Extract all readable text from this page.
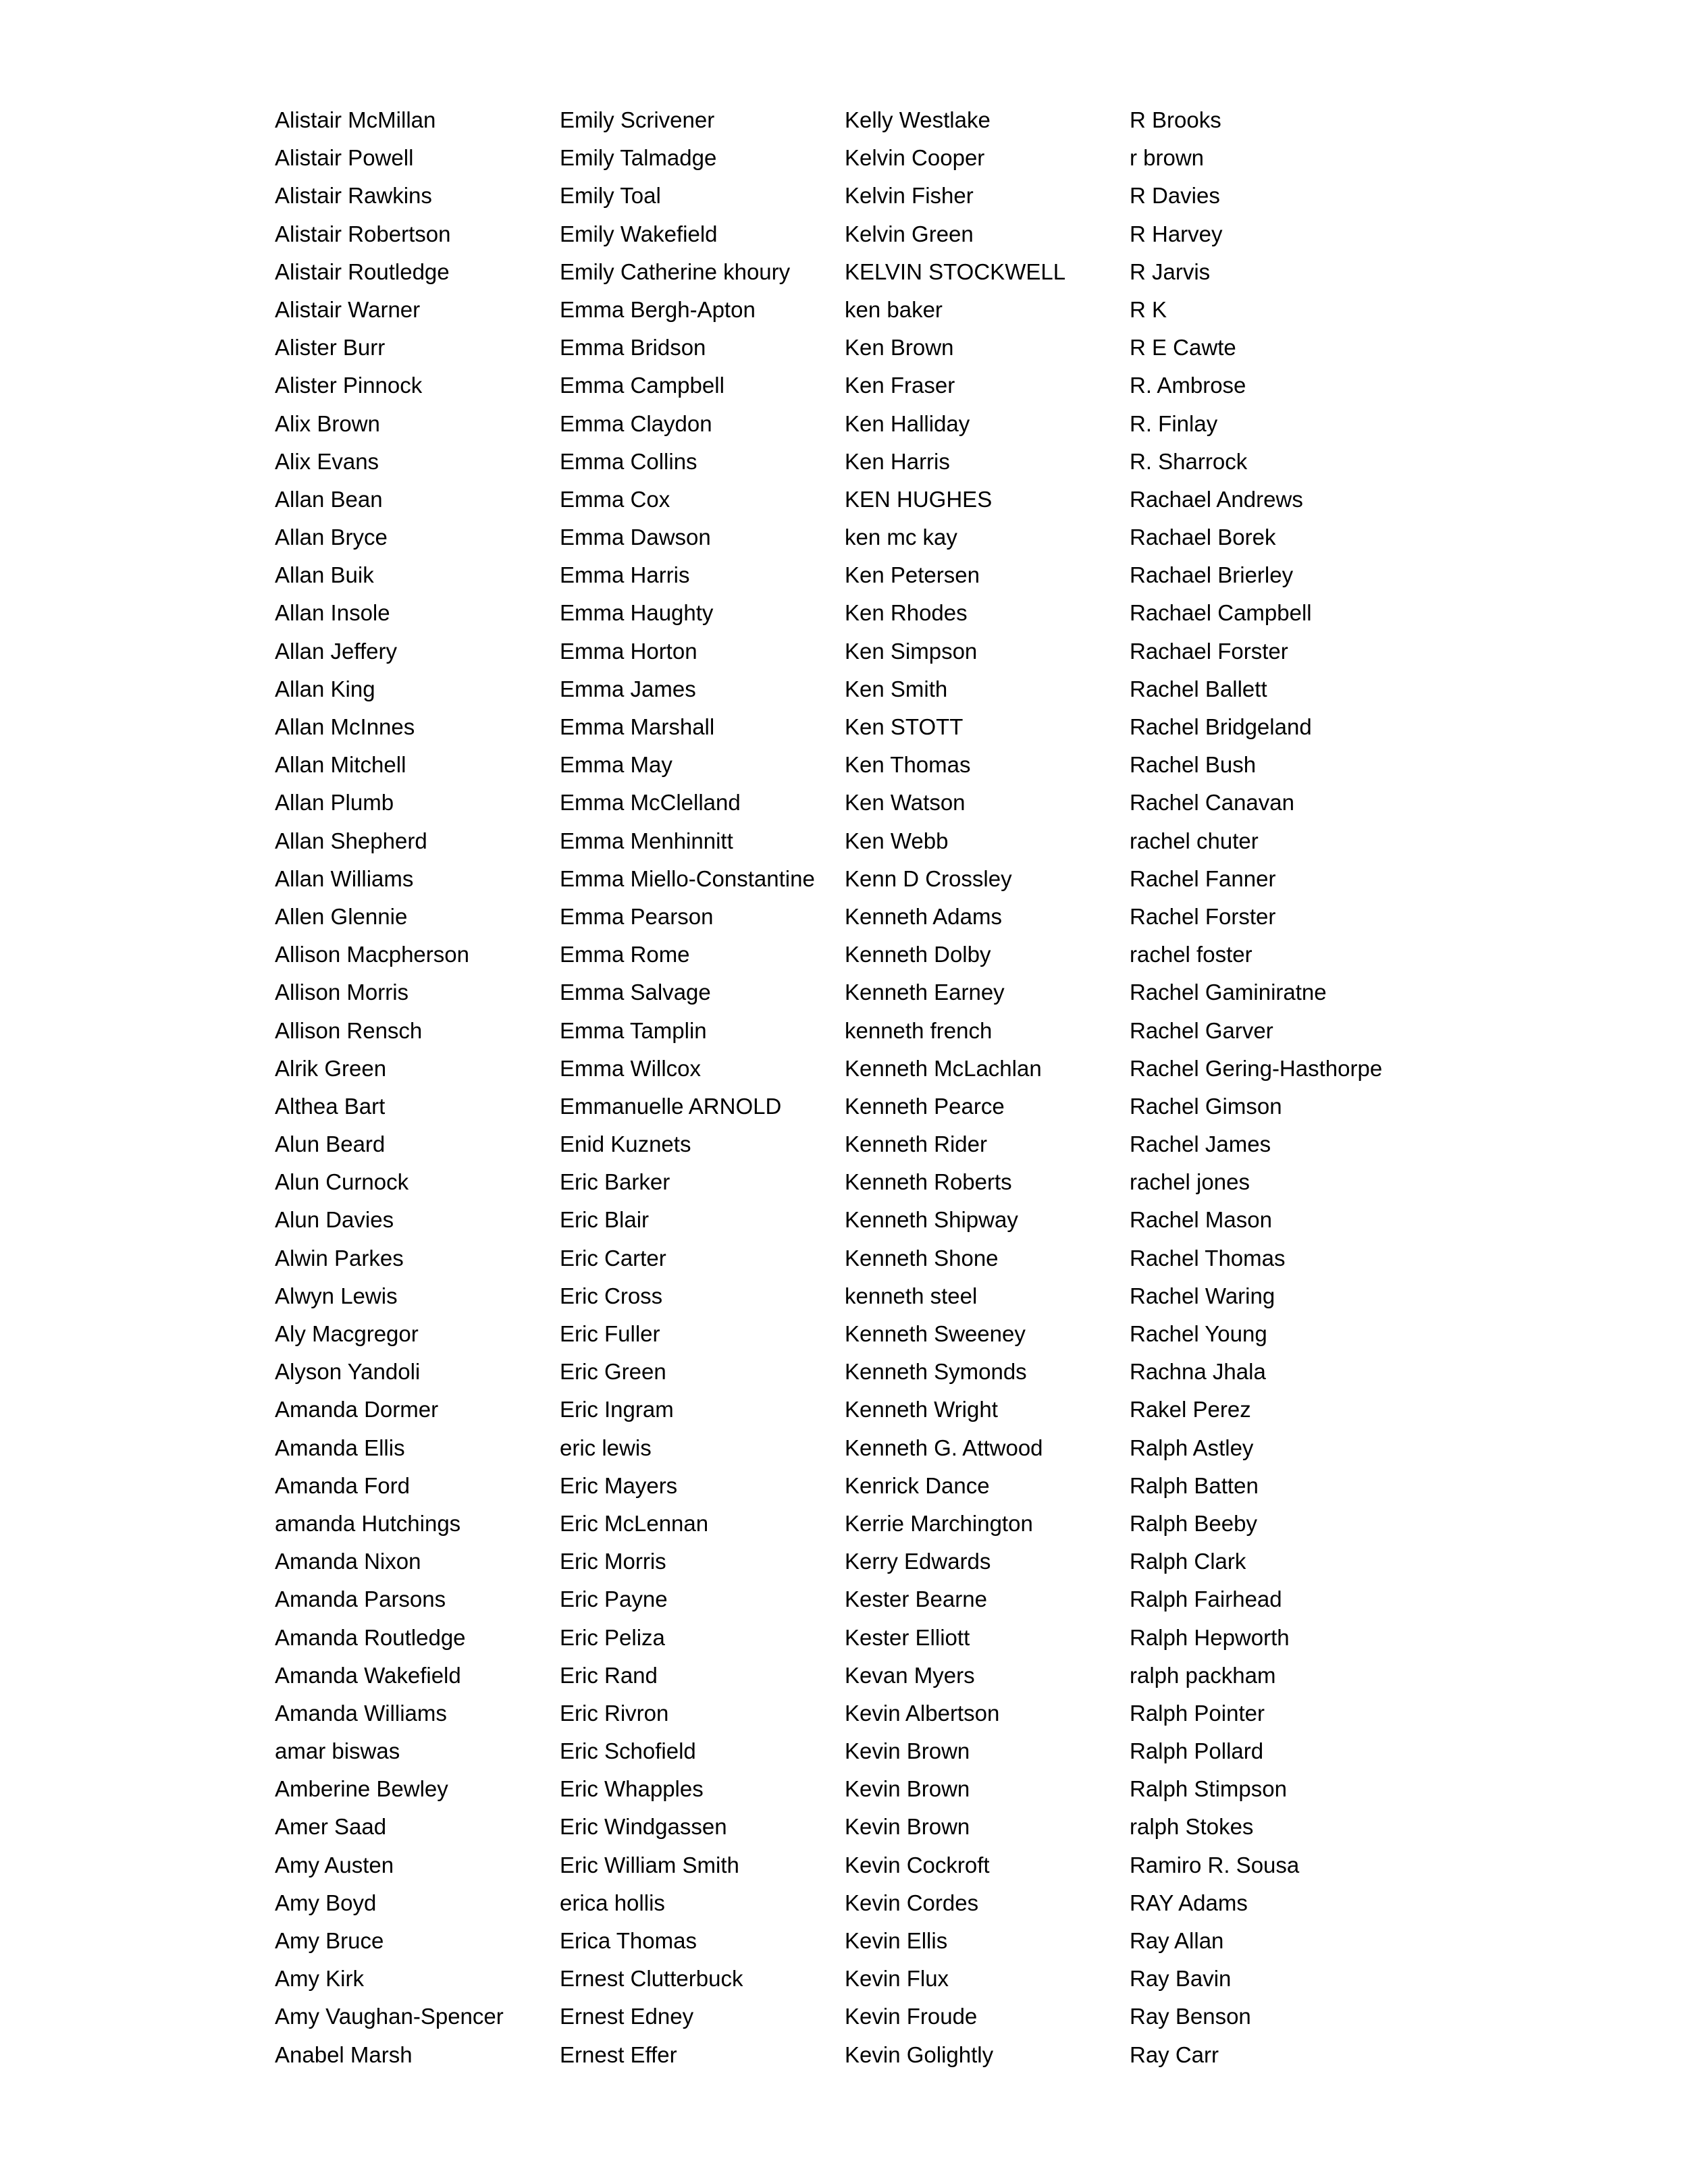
Alistair McMillan
Alistair Powell
Alistair Rawkins
Alistair Robertson
Alistair Routledge
Alistair Warner
Alister Burr
Alister Pinnock
Alix Brown
Alix Evans
Allan Bean
Allan Bryce
Allan Buik
Allan Insole
Allan Jeffery
Allan King
Allan McInnes
Allan Mitchell
Allan Plumb
Allan Shepherd
Allan Williams
Allen Glennie
Allison Macpherson
Allison Morris
Allison Rensch
Alrik Green
Althea Bart
Alun Beard
Alun Curnock
Alun Davies
Alwin Parkes
Alwyn Lewis
Aly Macgregor
Alyson Yandoli
Amanda Dormer
Amanda Ellis
Amanda Ford
amanda Hutchings
Amanda Nixon
Amanda Parsons
Amanda Routledge
Amanda Wakefield
Amanda Williams
amar biswas
Amberine Bewley
Amer Saad
Amy Austen
Amy Boyd
Amy Bruce
Amy Kirk
Amy Vaughan-Spencer
Anabel Marsh
Emily Scrivener
Emily Talmadge
Emily Toal
Emily Wakefield
Emily Catherine khoury
Emma Bergh-Apton
Emma Bridson
Emma Campbell
Emma Claydon
Emma Collins
Emma Cox
Emma Dawson
Emma Harris
Emma Haughty
Emma Horton
Emma James
Emma Marshall
Emma May
Emma McClelland
Emma Menhinnitt
Emma Miello-Constantine
Emma Pearson
Emma Rome
Emma Salvage
Emma Tamplin
Emma Willcox
Emmanuelle ARNOLD
Enid Kuznets
Eric Barker
Eric Blair
Eric Carter
Eric Cross
Eric Fuller
Eric Green
Eric Ingram
eric lewis
Eric Mayers
Eric McLennan
Eric Morris
Eric Payne
Eric Peliza
Eric Rand
Eric Rivron
Eric Schofield
Eric Whapples
Eric Windgassen
Eric William Smith
erica hollis
Erica Thomas
Ernest Clutterbuck
Ernest Edney
Ernest Effer
Kelly Westlake
Kelvin Cooper
Kelvin Fisher
Kelvin Green
KELVIN STOCKWELL
ken baker
Ken Brown
Ken Fraser
Ken Halliday
Ken Harris
KEN HUGHES
ken mc kay
Ken Petersen
Ken Rhodes
Ken Simpson
Ken Smith
Ken STOTT
Ken Thomas
Ken Watson
Ken Webb
Kenn D Crossley
Kenneth Adams
Kenneth Dolby
Kenneth Earney
kenneth french
Kenneth McLachlan
Kenneth Pearce
Kenneth Rider
Kenneth Roberts
Kenneth Shipway
Kenneth Shone
kenneth steel
Kenneth Sweeney
Kenneth Symonds
Kenneth Wright
Kenneth G. Attwood
Kenrick Dance
Kerrie Marchington
Kerry Edwards
Kester Bearne
Kester Elliott
Kevan Myers
Kevin Albertson
Kevin Brown
Kevin Brown
Kevin Brown
Kevin Cockroft
Kevin Cordes
Kevin Ellis
Kevin Flux
Kevin Froude
Kevin Golightly
R Brooks
r brown
R Davies
R Harvey
R Jarvis
R K
R E Cawte
R. Ambrose
R. Finlay
R. Sharrock
Rachael Andrews
Rachael Borek
Rachael Brierley
Rachael Campbell
Rachael Forster
Rachel Ballett
Rachel Bridgeland
Rachel Bush
Rachel Canavan
rachel chuter
Rachel Fanner
Rachel Forster
rachel foster
Rachel Gaminiratne
Rachel Garver
Rachel Gering-Hasthorpe
Rachel Gimson
Rachel James
rachel jones
Rachel Mason
Rachel Thomas
Rachel Waring
Rachel Young
Rachna Jhala
Rakel Perez
Ralph Astley
Ralph Batten
Ralph Beeby
Ralph Clark
Ralph Fairhead
Ralph Hepworth
ralph packham
Ralph Pointer
Ralph Pollard
Ralph Stimpson
ralph Stokes
Ramiro R. Sousa
RAY Adams
Ray Allan
Ray Bavin
Ray Benson
Ray Carr
